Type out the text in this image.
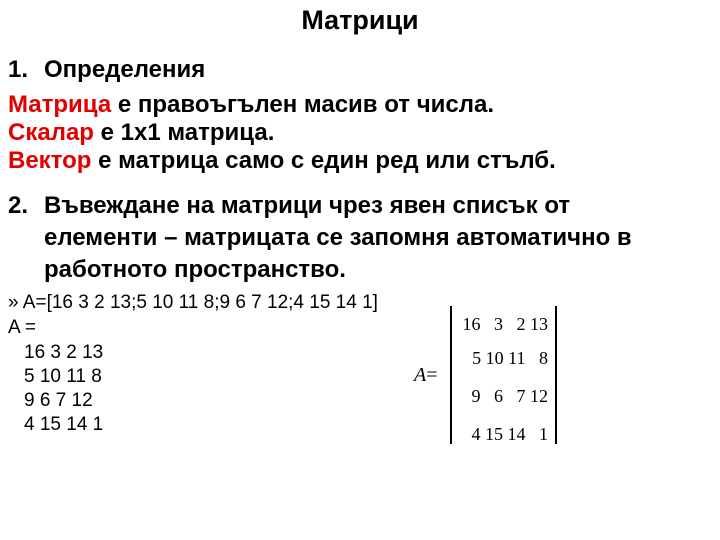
Матрици
1. Определения
Матрица е правоъгълен масив от числа.
Скалар е 1х1 матрица.
Вектор е матрица само с един ред или стълб.
2. Въвеждане на матрици чрез явен списък от
елементи – матрицата се запомня автоматично в
работното пространство.
» A=[16 3 2 13;5 10 11 8;9 6 7 12;4 15 14 1]
A =
16 3 2 13
5 10 11 8
9 6 7 12
4 15 14 1
A=
16   3   2 13
5 10 11   8
9   6   7 12
4 15 14   1
